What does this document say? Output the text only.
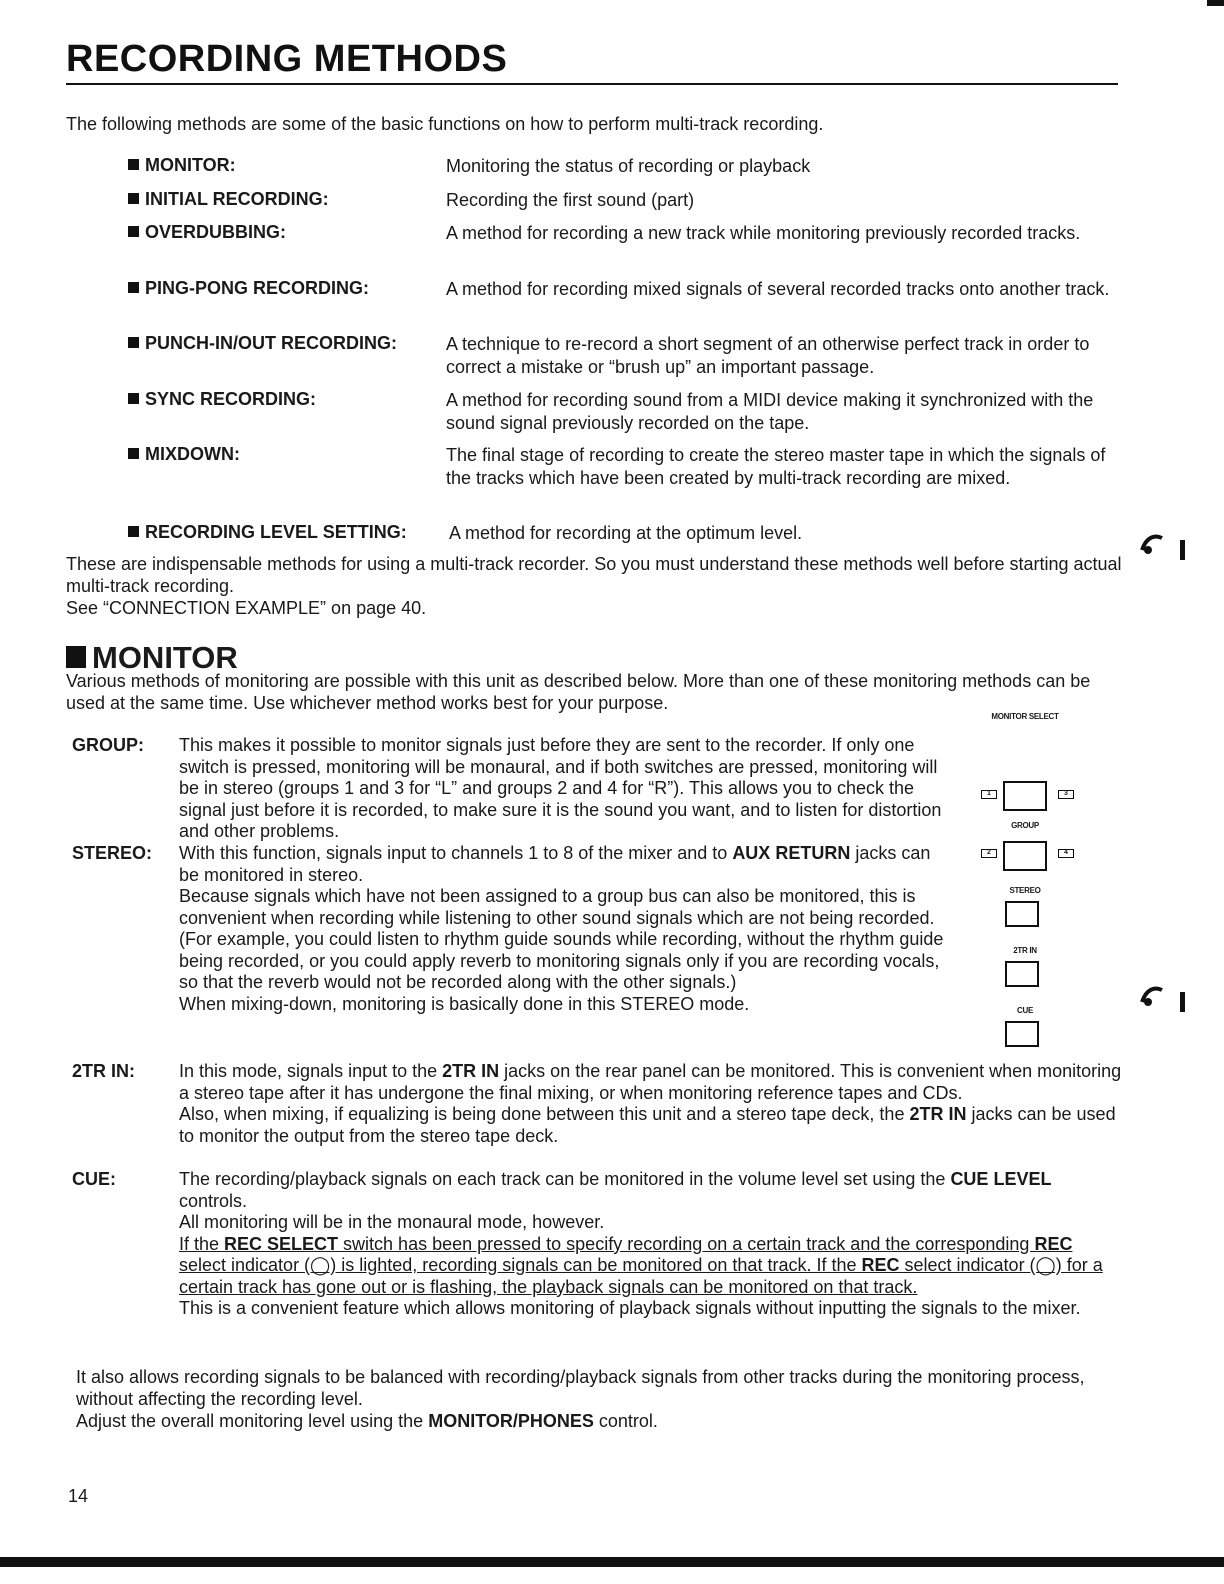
RECORDING METHODS
The following methods are some of the basic functions on how to perform multi-track recording.
MONITOR:	Monitoring the status of recording or playback
INITIAL RECORDING:	Recording the first sound (part)
OVERDUBBING:	A method for recording a new track while monitoring previously recorded tracks.
PING-PONG RECORDING:	A method for recording mixed signals of several recorded tracks onto another track.
PUNCH-IN/OUT RECORDING:	A technique to re-record a short segment of an otherwise perfect track in order to correct a mistake or “brush up” an important passage.
SYNC RECORDING:	A method for recording sound from a MIDI device making it synchronized with the sound signal previously recorded on the tape.
MIXDOWN:	The final stage of recording to create the stereo master tape in which the signals of the tracks which have been created by multi-track recording are mixed.
RECORDING LEVEL SETTING: A method for recording at the optimum level.
These are indispensable methods for using a multi-track recorder. So you must understand these methods well before starting actual multi-track recording.
See “CONNECTION EXAMPLE” on page 40.
MONITOR
Various methods of monitoring are possible with this unit as described below. More than one of these monitoring methods can be used at the same time. Use whichever method works best for your purpose.
GROUP: This makes it possible to monitor signals just before they are sent to the recorder. If only one switch is pressed, monitoring will be monaural, and if both switches are pressed, monitoring will be in stereo (groups 1 and 3 for “L” and groups 2 and 4 for “R”). This allows you to check the signal just before it is recorded, to make sure it is the sound you want, and to listen for distortion and other problems.
STEREO: With this function, signals input to channels 1 to 8 of the mixer and to AUX RETURN jacks can be monitored in stereo.
Because signals which have not been assigned to a group bus can also be monitored, this is convenient when recording while listening to other sound signals which are not being recorded.
(For example, you could listen to rhythm guide sounds while recording, without the rhythm guide being recorded, or you could apply reverb to monitoring signals only if you are recording vocals, so that the reverb would not be recorded along with the other signals.)
When mixing-down, monitoring is basically done in this STEREO mode.
2TR IN: In this mode, signals input to the 2TR IN jacks on the rear panel can be monitored. This is convenient when monitoring a stereo tape after it has undergone the final mixing, or when monitoring reference tapes and CDs.
Also, when mixing, if equalizing is being done between this unit and a stereo tape deck, the 2TR IN jacks can be used to monitor the output from the stereo tape deck.
CUE:	The recording/playback signals on each track can be monitored in the volume level set using the CUE LEVEL controls.
All monitoring will be in the monaural mode, however.
If the REC SELECT switch has been pressed to specify recording on a certain track and the corresponding REC select indicator (◯) is lighted, recording signals can be monitored on that track. If the REC select indicator (◯) for a certain track has gone out or is flashing, the playback signals can be monitored on that track.
This is a convenient feature which allows monitoring of playback signals without inputting the signals to the mixer.
It also allows recording signals to be balanced with recording/playback signals from other tracks during the monitoring process, without affecting the recording level.
Adjust the overall monitoring level using the MONITOR/PHONES control.
MONITOR SELECT
1	3
GROUP
2	4
STEREO
2TR IN
CUE
14
